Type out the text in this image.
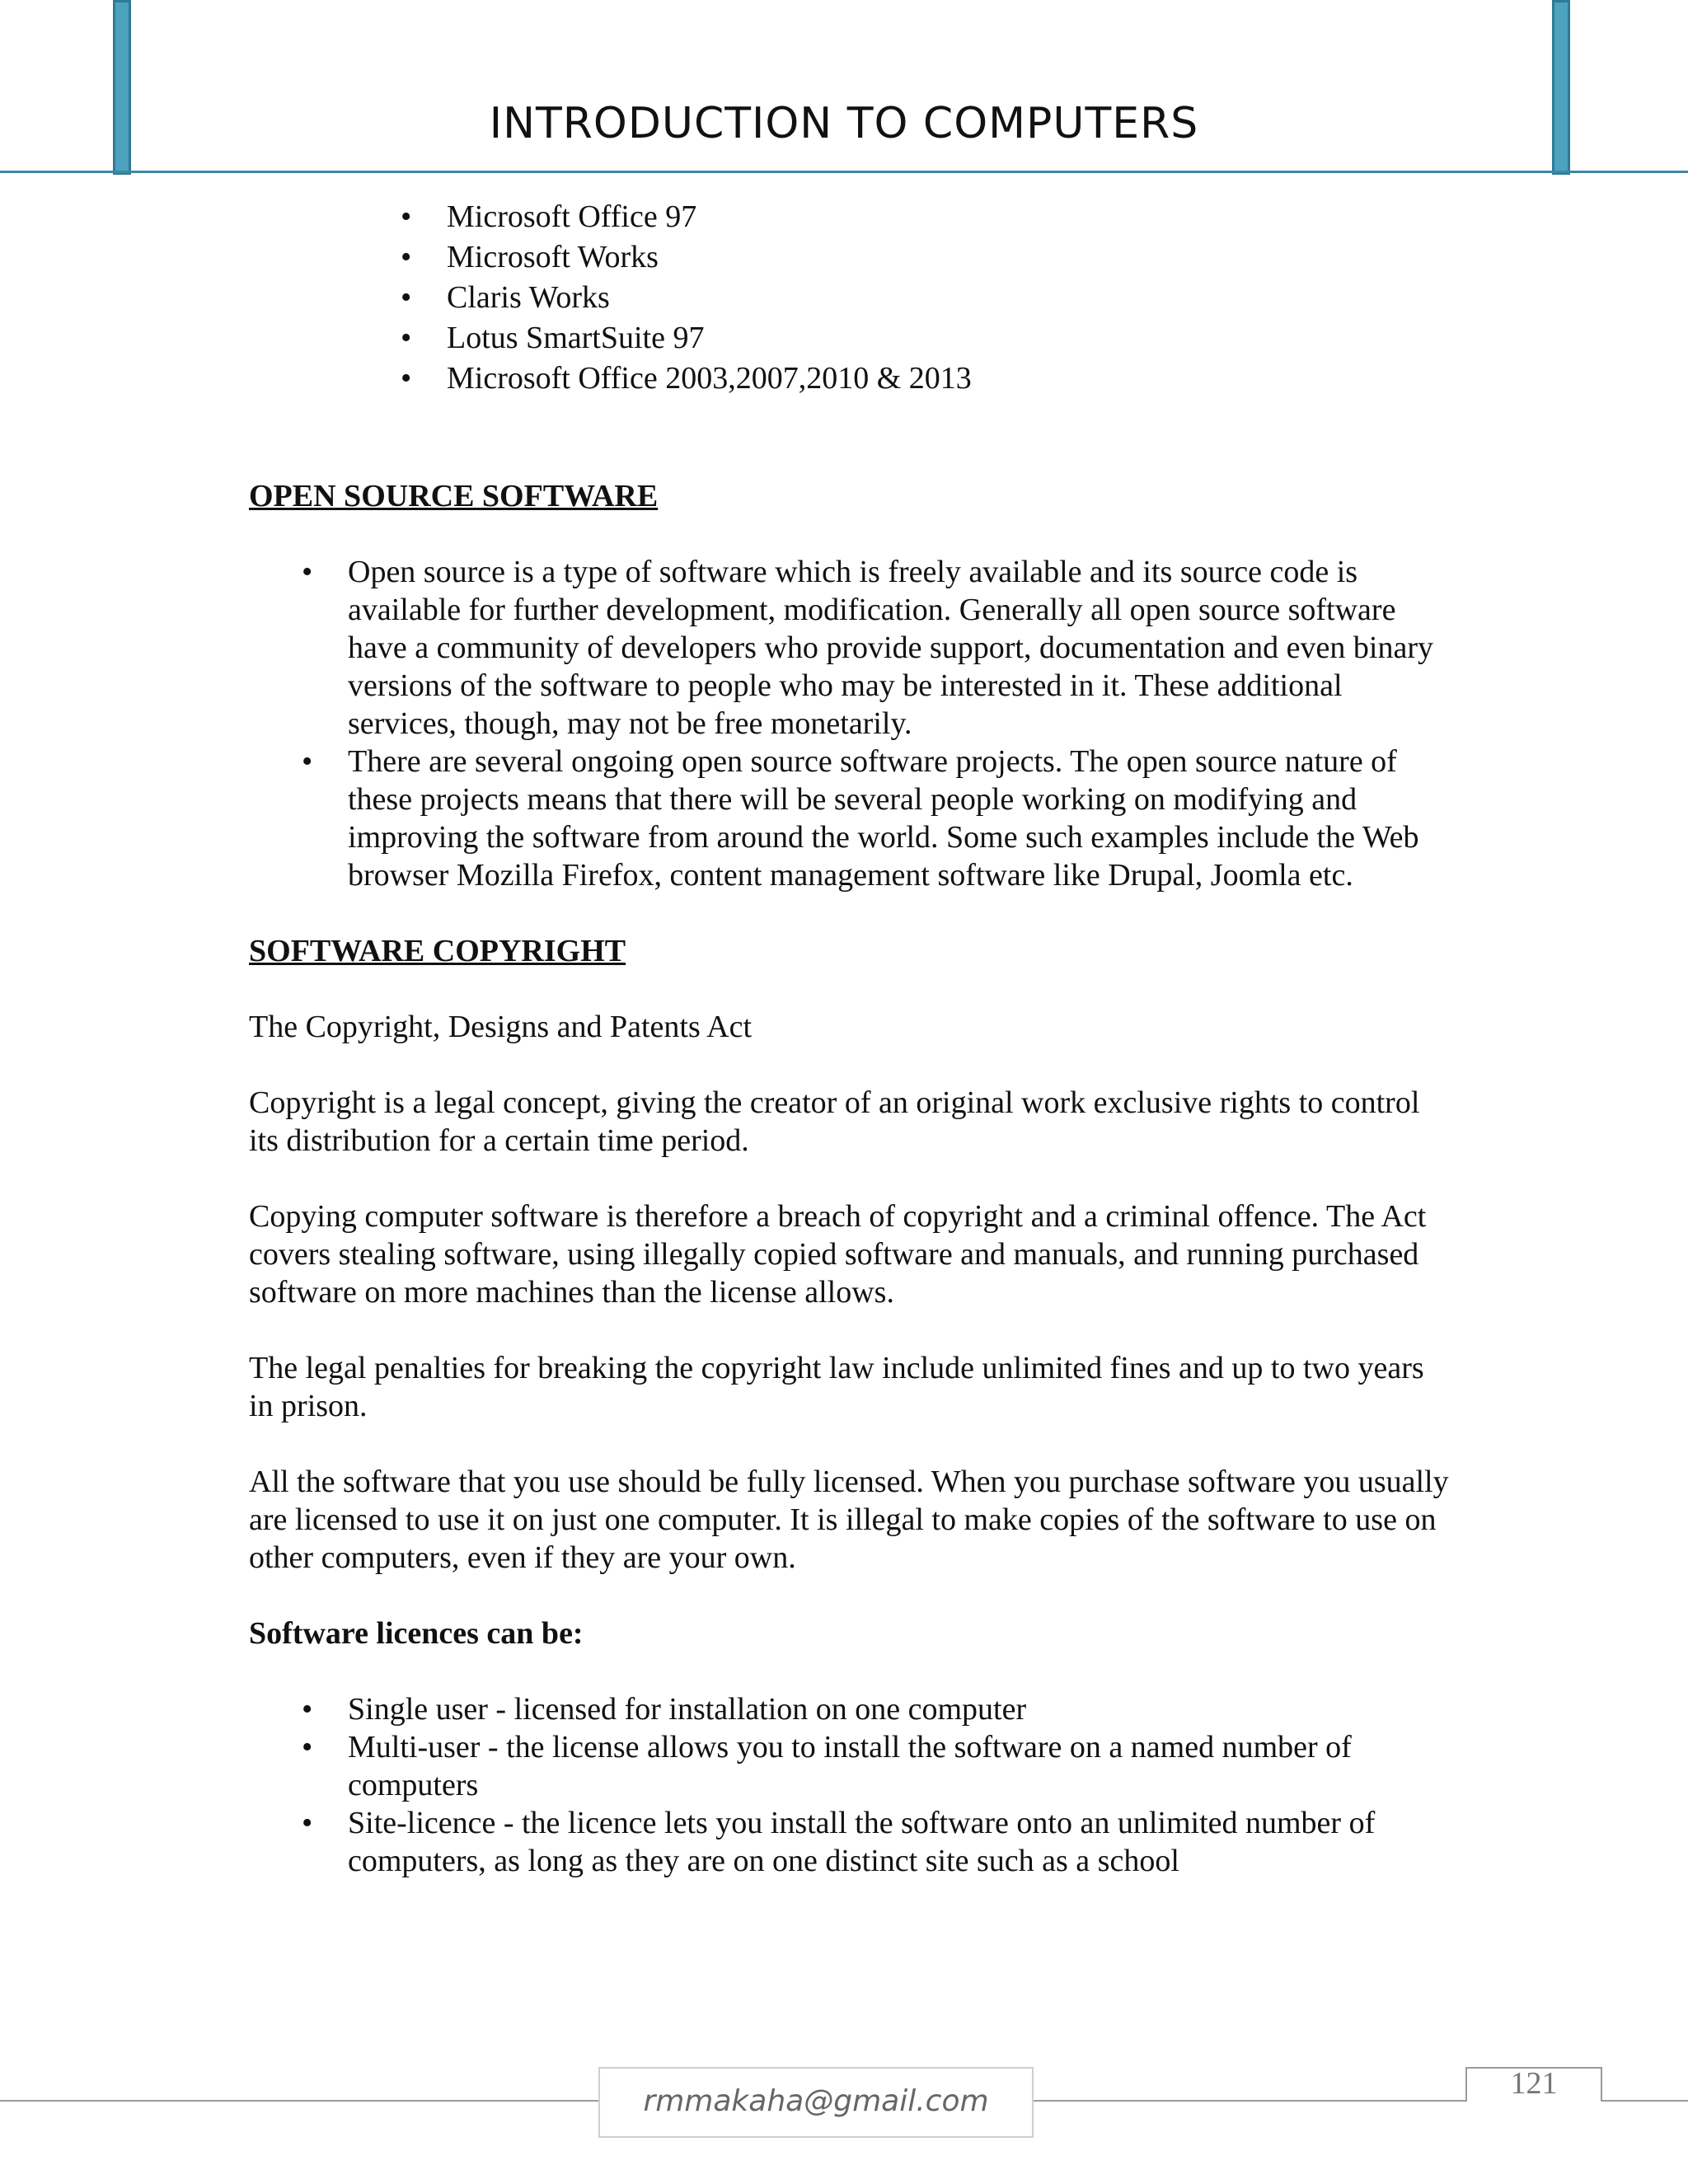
INTRODUCTION TO COMPUTERS
• Microsoft Office 97
• Microsoft Works
• Claris Works
• Lotus SmartSuite 97
• Microsoft Office 2003,2007,2010 & 2013

OPEN SOURCE SOFTWARE

• Open source is a type of software which is freely available and its source code is available for further development, modification. Generally all open source software have a community of developers who provide support, documentation and even binary versions of the software to people who may be interested in it. These additional services, though, may not be free monetarily.
• There are several ongoing open source software projects. The open source nature of these projects means that there will be several people working on modifying and improving the software from around the world. Some such examples include the Web browser Mozilla Firefox, content management software like Drupal, Joomla etc.

SOFTWARE COPYRIGHT

The Copyright, Designs and Patents Act

Copyright is a legal concept, giving the creator of an original work exclusive rights to control its distribution for a certain time period.

Copying computer software is therefore a breach of copyright and a criminal offence. The Act covers stealing software, using illegally copied software and manuals, and running purchased software on more machines than the license allows.

The legal penalties for breaking the copyright law include unlimited fines and up to two years in prison.

All the software that you use should be fully licensed. When you purchase software you usually are licensed to use it on just one computer. It is illegal to make copies of the software to use on other computers, even if they are your own.

Software licences can be:

• Single user - licensed for installation on one computer
• Multi-user - the license allows you to install the software on a named number of computers
• Site-licence - the licence lets you install the software onto an unlimited number of computers, as long as they are on one distinct site such as a school
rmmakaha@gmail.com
121
